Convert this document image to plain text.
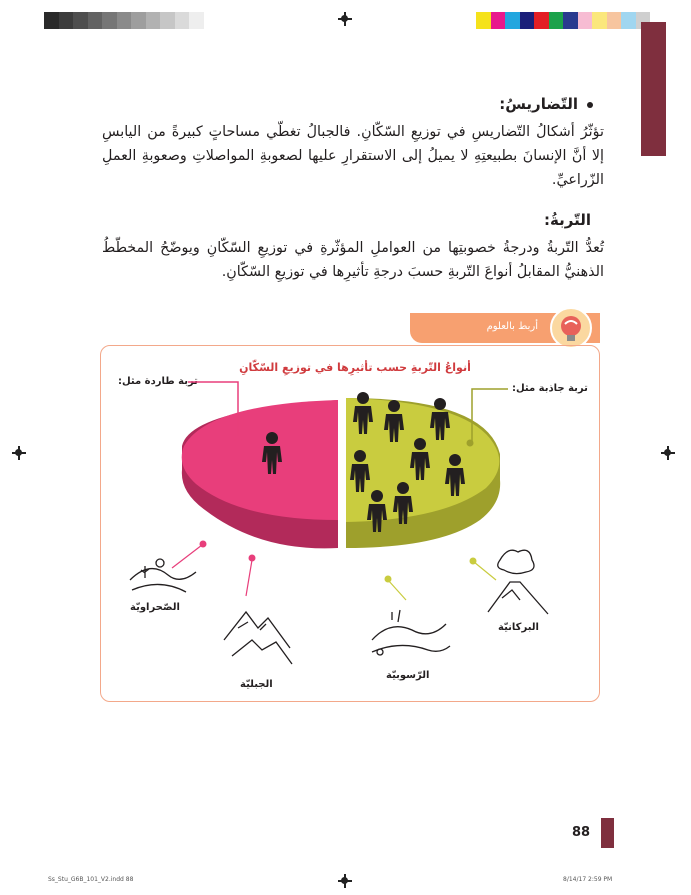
التّضاريسُ:
تؤثّرُ أشكالُ التّضاريسِ في توزيعِ السّكّانِ. فالجبالُ تغطّي مساحاتٍ كبيرةً من اليابسِ إلا أنَّ الإنسانَ بطبيعتِهِ لا يميلُ إلى الاستقرارِ عليها لصعوبةِ المواصلاتِ وصعوبةِ العملِ الزّراعيِّ.
التّربةُ:
تُعدُّ التّربةُ ودرجةُ خصوبتِها من العواملِ المؤثّرةِ في توزيعِ السّكّانِ ويوضّحُ المخطّطُ الذهنيُّ المقابلُ أنواعَ التّربةِ حسبَ درجةِ تأثيرِها في توزيعِ السّكّانِ.
أربط بالعلوم
أنواعُ التّربةِ حسب تأثيرِها في توزيعِ السّكّانِ
تربة طاردة مثل:
تربة جاذبة مثل:
الصّحراويّة
الجبليّة
الرّسوبيّة
البركانيّة
88
Ss_Stu_G6B_101_V2.indd 88	8/14/17 2:59 PM
